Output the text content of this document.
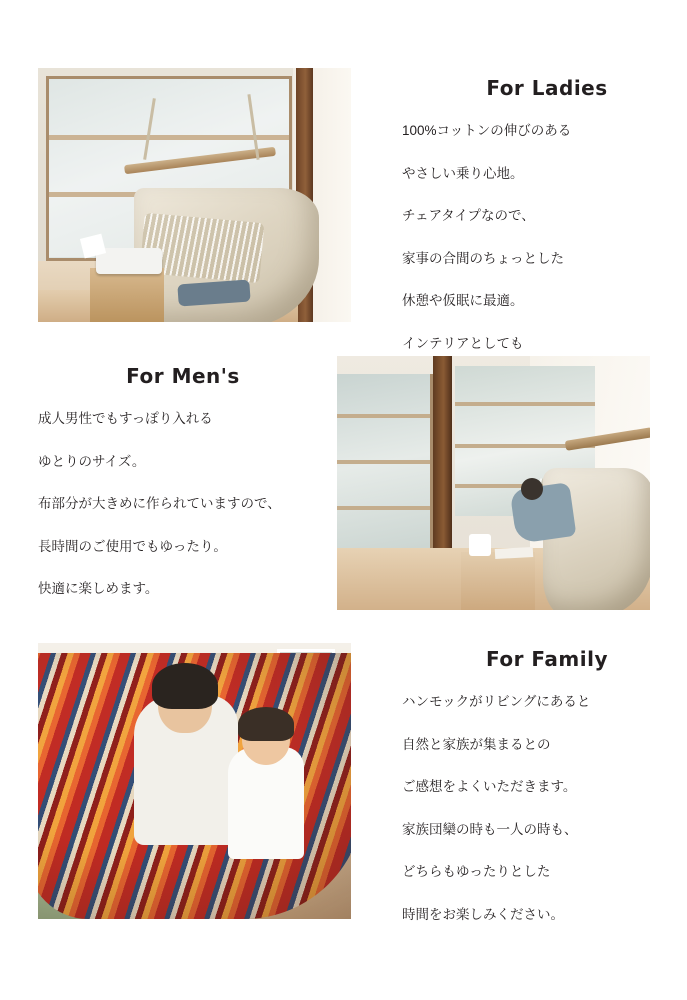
For Ladies

100%コットンの伸びのある

やさしい乗り心地。

チェアタイプなので、

家事の合間のちょっとした

休憩や仮眠に最適。

インテリアとしても

For Men's

成人男性でもすっぽり入れる

ゆとりのサイズ。

布部分が大きめに作られていますので、

長時間のご使用でもゆったり。

快適に楽しめます。

For Family

ハンモックがリビングにあると

自然と家族が集まるとの

ご感想をよくいただきます。

家族団欒の時も一人の時も、

どちらもゆったりとした

時間をお楽しみください。
